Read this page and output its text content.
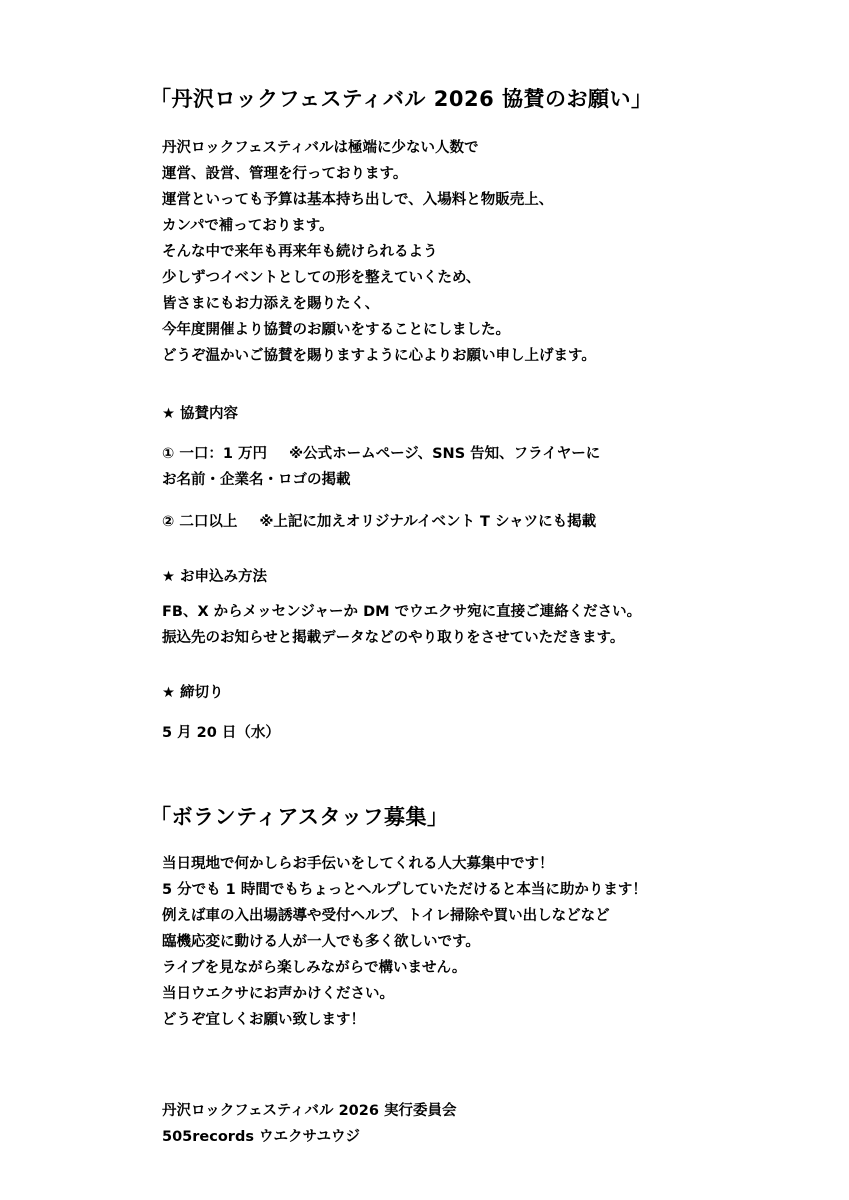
「丹沢ロックフェスティバル 2026 協賛のお願い」
丹沢ロックフェスティバルは極端に少ない人数で
運営、設営、管理を行っております。
運営といっても予算は基本持ち出しで、入場料と物販売上、
カンパで補っております。
そんな中で来年も再来年も続けられるよう
少しずつイベントとしての形を整えていくため、
皆さまにもお力添えを賜りたく、
今年度開催より協賛のお願いをすることにしました。
どうぞ温かいご協賛を賜りますように心よりお願い申し上げます。
★ 協賛内容
① 一口：1 万円 ※公式ホームページ、SNS 告知、フライヤーに
お名前・企業名・ロゴの掲載
② 二口以上 ※上記に加えオリジナルイベント T シャツにも掲載
★ お申込み方法
FB、X からメッセンジャーか DM でウエクサ宛に直接ご連絡ください。
振込先のお知らせと掲載データなどのやり取りをさせていただきます。
★ 締切り
5 月 20 日（水）
「ボランティアスタッフ募集」
当日現地で何かしらお手伝いをしてくれる人大募集中です！
5 分でも 1 時間でもちょっとヘルプしていただけると本当に助かります！
例えば車の入出場誘導や受付ヘルプ、トイレ掃除や買い出しなどなど
臨機応変に動ける人が一人でも多く欲しいです。
ライブを見ながら楽しみながらで構いません。
当日ウエクサにお声かけください。
どうぞ宜しくお願い致します！
丹沢ロックフェスティバル 2026 実行委員会
505records ウエクサユウジ
